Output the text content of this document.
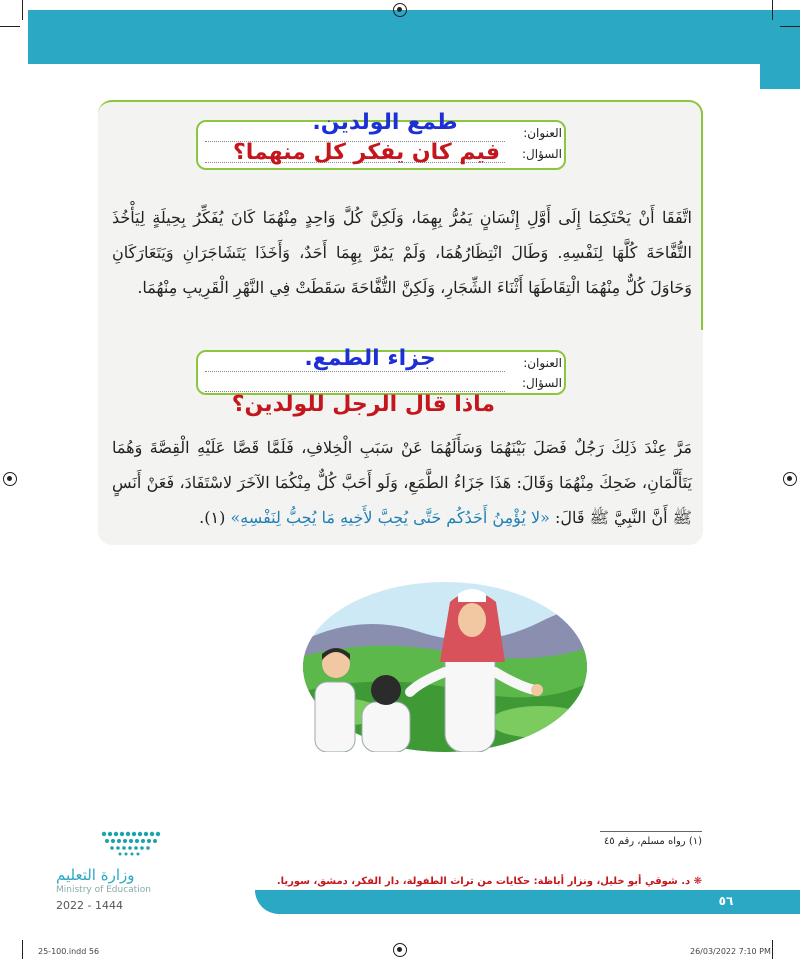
العنوان:
السؤال:
طمع الولدين.
فيم كان يفكر كل منهما؟
اتَّفَقَا أَنْ يَحْتَكِمَا إِلَى أَوَّلِ إِنْسَانٍ يَمُرُّ بِهِمَا، وَلَكِنَّ كُلَّ وَاحِدٍ مِنْهُمَا كَانَ يُفَكِّرُ بِحِيلَةٍ لِيَأْخُذَ التُّفَّاحَةَ كُلَّهَا لِنَفْسِهِ. وَطَالَ انْتِظَارُهُمَا، وَلَمْ يَمُرَّ بِهِمَا أَحَدٌ، وَأَخَذَا يَتَشَاجَرَانِ وَيَتَعَارَكَانِ وَحَاوَلَ كُلٌّ مِنْهُمَا الْتِقَاطَهَا أَثْنَاءَ الشِّجَارِ، وَلَكِنَّ التُّفَّاحَةَ سَقَطَتْ فِي النَّهْرِ الْقَرِيبِ مِنْهُمَا.
العنوان:
السؤال:
جزاء الطمع.
ماذا قال الرجل للولدين؟
مَرَّ عِنْدَ ذَلِكَ رَجُلٌ فَصَلَ بَيْنَهُمَا وَسَأَلَهُمَا عَنْ سَبَبِ الْخِلافِ، فَلَمَّا قَصَّا عَلَيْهِ الْقِصَّةَ وَهُمَا يَتَأَلَّمَانِ، ضَحِكَ مِنْهُمَا وَقَالَ: هَذَا جَزَاءُ الطَّمَعِ، وَلَو أَحَبَّ كُلٌّ مِنْكُمَا الآخَرَ لاسْتَفَادَ، فَعَنْ أَنَسٍ ﷺ أَنَّ النَّبِيَّ ﷺ قَالَ: «لا يُؤْمِنُ أَحَدُكُم حَتَّى يُحِبَّ لأَخِيهِ مَا يُحِبُّ لِنَفْسِهِ» (١).
(١) رواه مسلم، رقم ٤٥
❋ د. شوقي أبو خليل، ونزار أباظة: حكايات من تراث الطفولة، دار الفكر، دمشق، سوريا.
وزارة التعليم
Ministry of Education
2022 - 1444	٥٦
25-100.indd 56	26/03/2022 7:10 PM
